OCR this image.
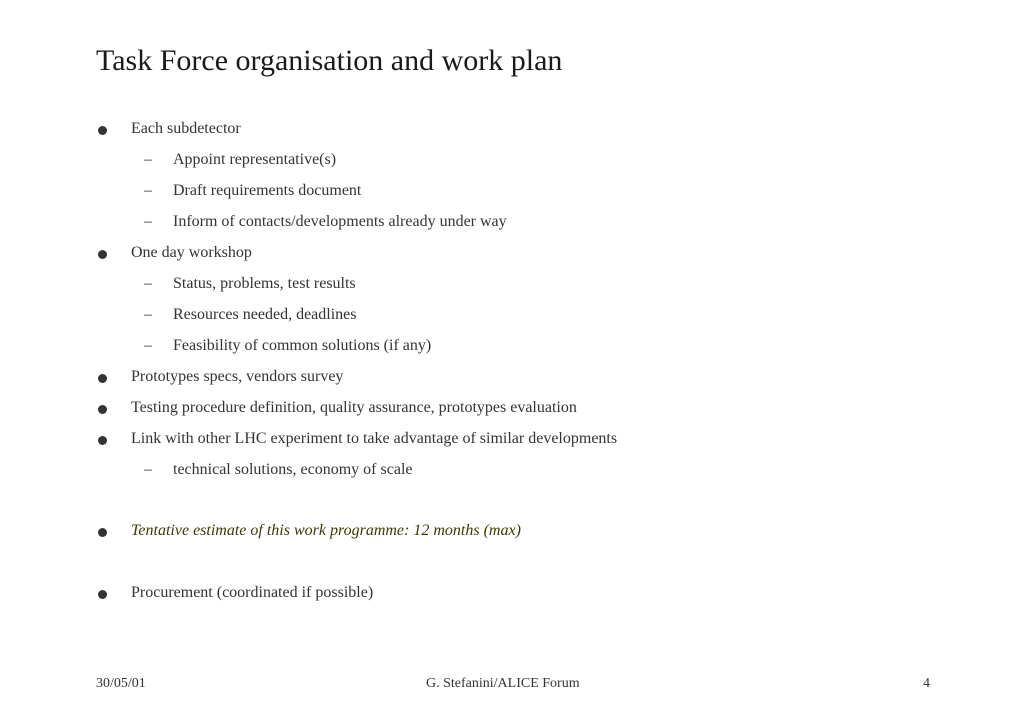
Task Force organisation and work plan
Each subdetector
– Appoint representative(s)
– Draft requirements document
– Inform of contacts/developments already under way
One day workshop
– Status, problems, test results
– Resources needed, deadlines
– Feasibility of common solutions (if any)
Prototypes specs, vendors survey
Testing procedure definition, quality assurance, prototypes evaluation
Link with other LHC experiment to take advantage of similar developments
– technical solutions, economy of scale
Tentative estimate of this work programme: 12 months (max)
Procurement (coordinated if possible)
30/05/01	G. Stefanini/ALICE Forum	4
